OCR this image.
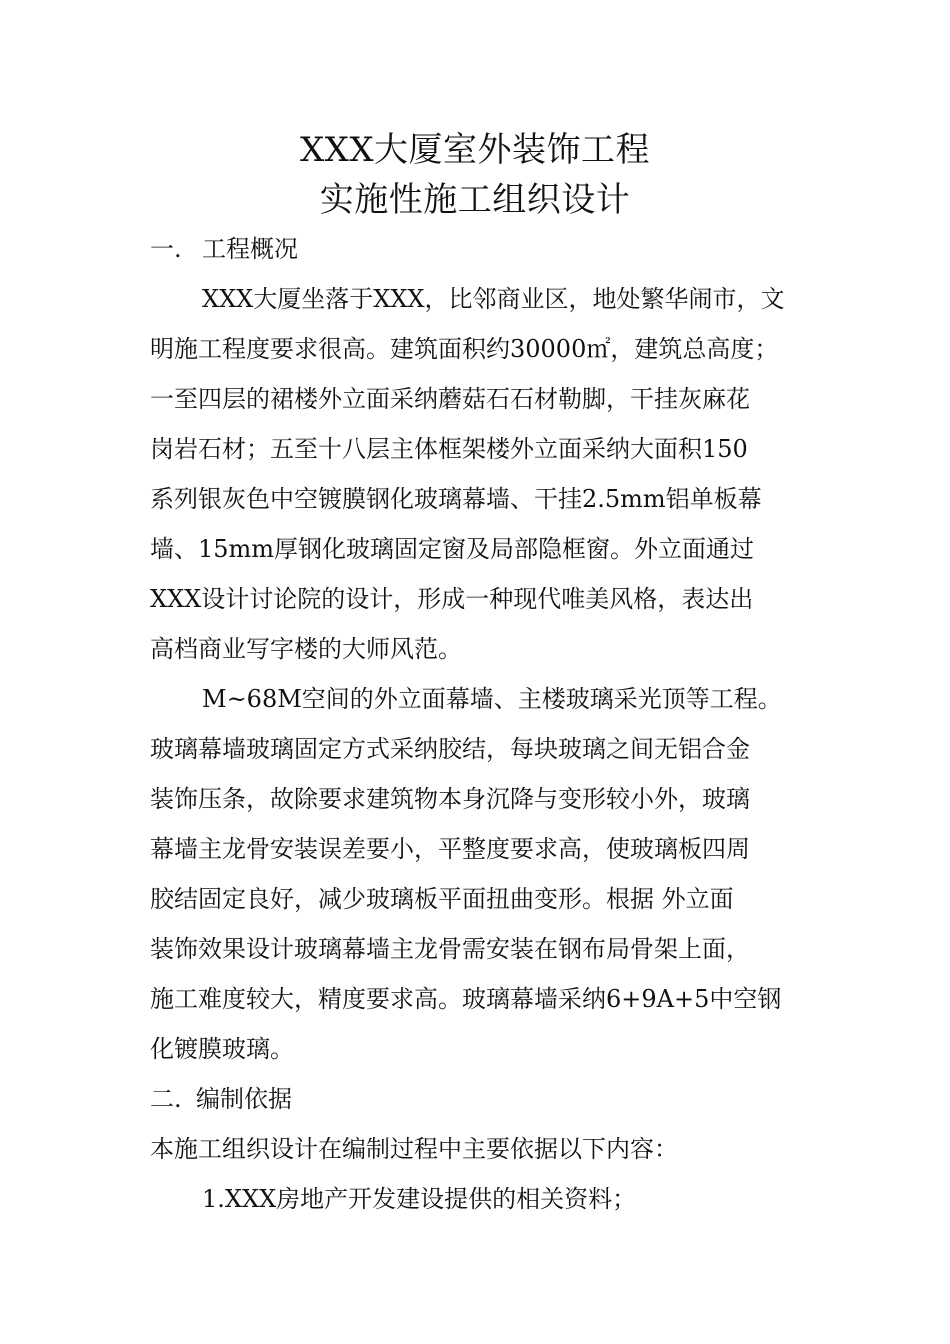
XXX大厦室外装饰工程
实施性施工组织设计
一. 工程概况
XXX大厦坐落于XXX，比邻商业区，地处繁华闹市，文
明施工程度要求很高。建筑面积约30000㎡，建筑总高度；
一至四层的裙楼外立面采纳蘑菇石石材勒脚，干挂灰麻花
岗岩石材；五至十八层主体框架楼外立面采纳大面积150
系列银灰色中空镀膜钢化玻璃幕墙、干挂2.5mm铝单板幕
墙、15mm厚钢化玻璃固定窗及局部隐框窗。外立面通过
XXX设计讨论院的设计，形成一种现代唯美风格，表达出
高档商业写字楼的大师风范。
M~68M空间的外立面幕墙、主楼玻璃采光顶等工程。
玻璃幕墙玻璃固定方式采纳胶结，每块玻璃之间无铝合金
装饰压条，故除要求建筑物本身沉降与变形较小外，玻璃
幕墙主龙骨安装误差要小，平整度要求高，使玻璃板四周
胶结固定良好，减少玻璃板平面扭曲变形。根据 外立面
装饰效果设计玻璃幕墙主龙骨需安装在钢布局骨架上面，
施工难度较大，精度要求高。玻璃幕墙采纳6+9A+5中空钢
化镀膜玻璃。
二. 编制依据
本施工组织设计在编制过程中主要依据以下内容：
1.XXX房地产开发建设提供的相关资料；
